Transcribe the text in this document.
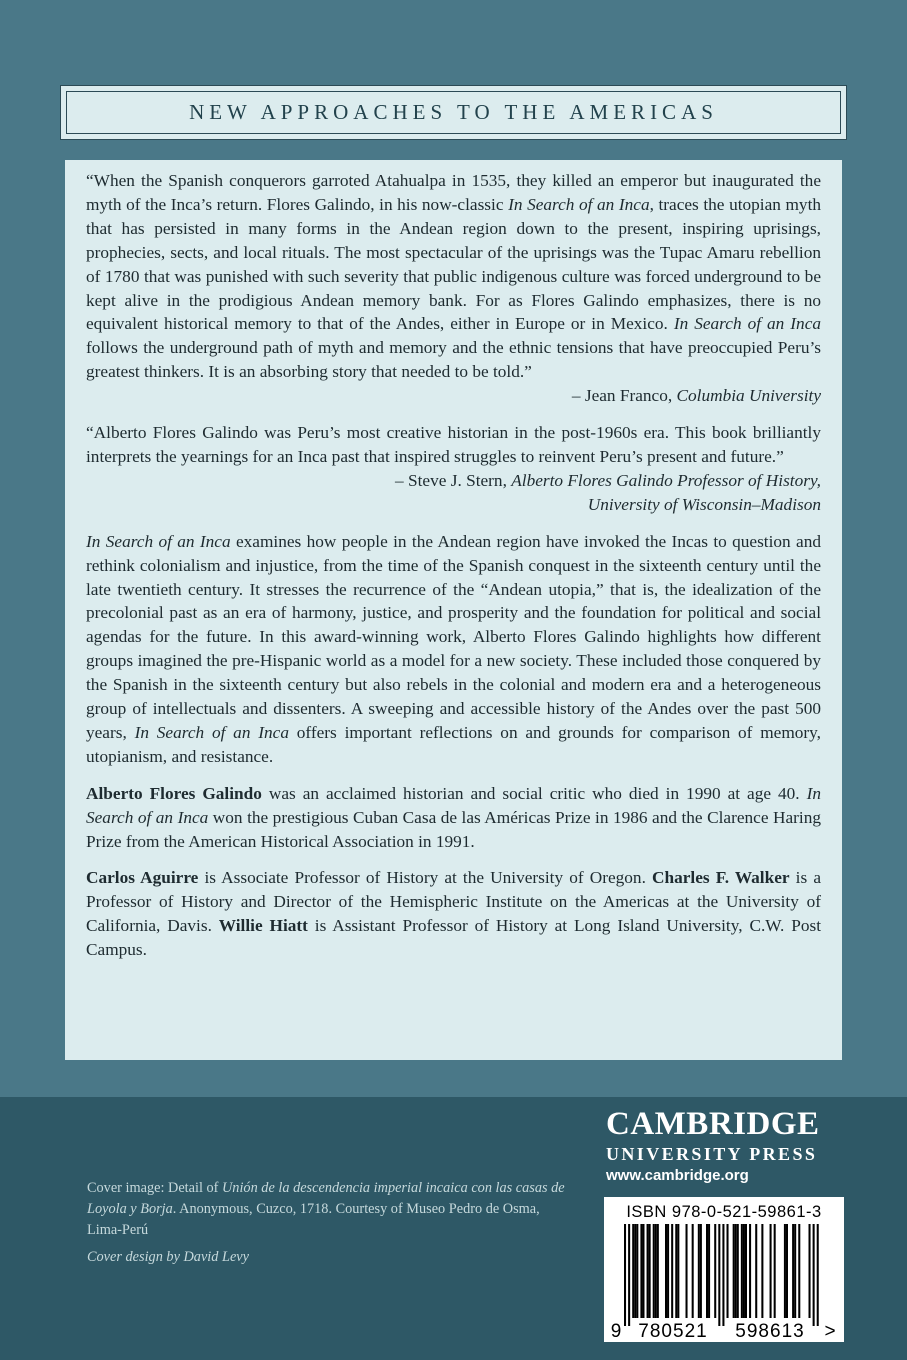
NEW APPROACHES TO THE AMERICAS

“When the Spanish conquerors garroted Atahualpa in 1535, they killed an emperor but inaugurated the myth of the Inca’s return. Flores Galindo, in his now-classic In Search of an Inca, traces the utopian myth that has persisted in many forms in the Andean region down to the present, inspiring uprisings, prophecies, sects, and local rituals. The most spectacular of the uprisings was the Tupac Amaru rebellion of 1780 that was punished with such severity that public indigenous culture was forced underground to be kept alive in the prodigious Andean memory bank. For as Flores Galindo emphasizes, there is no equivalent historical memory to that of the Andes, either in Europe or in Mexico. In Search of an Inca follows the underground path of myth and memory and the ethnic tensions that have preoccupied Peru’s greatest thinkers. It is an absorbing story that needed to be told.”
– Jean Franco, Columbia University

“Alberto Flores Galindo was Peru’s most creative historian in the post-1960s era. This book brilliantly interprets the yearnings for an Inca past that inspired struggles to reinvent Peru’s present and future.”
– Steve J. Stern, Alberto Flores Galindo Professor of History,
University of Wisconsin–Madison

In Search of an Inca examines how people in the Andean region have invoked the Incas to question and rethink colonialism and injustice, from the time of the Spanish conquest in the sixteenth century until the late twentieth century. It stresses the recurrence of the “Andean utopia,” that is, the idealization of the precolonial past as an era of harmony, justice, and prosperity and the foundation for political and social agendas for the future. In this award-winning work, Alberto Flores Galindo highlights how different groups imagined the pre-Hispanic world as a model for a new society. These included those conquered by the Spanish in the sixteenth century but also rebels in the colonial and modern era and a heterogeneous group of intellectuals and dissenters. A sweeping and accessible history of the Andes over the past 500 years, In Search of an Inca offers important reflections on and grounds for comparison of memory, utopianism, and resistance.

Alberto Flores Galindo was an acclaimed historian and social critic who died in 1990 at age 40. In Search of an Inca won the prestigious Cuban Casa de las Américas Prize in 1986 and the Clarence Haring Prize from the American Historical Association in 1991.

Carlos Aguirre is Associate Professor of History at the University of Oregon. Charles F. Walker is a Professor of History and Director of the Hemispheric Institute on the Americas at the University of California, Davis. Willie Hiatt is Assistant Professor of History at Long Island University, C.W. Post Campus.

CAMBRIDGE
UNIVERSITY PRESS
www.cambridge.org

Cover image: Detail of Unión de la descendencia imperial incaica con las casas de Loyola y Borja. Anonymous, Cuzco, 1718. Courtesy of Museo Pedro de Osma, Lima-Perú

Cover design by David Levy

ISBN 978-0-521-59861-3
9 780521 598613 >
